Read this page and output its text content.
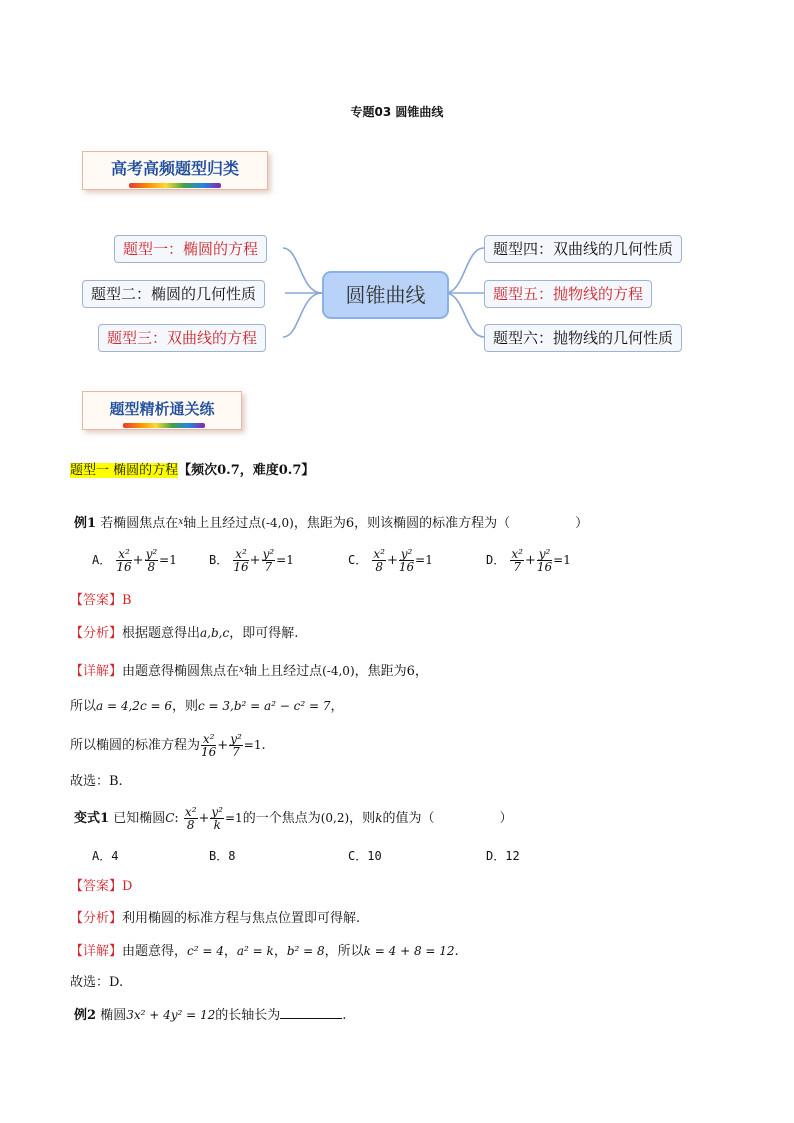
专题03 圆锥曲线
高考高频题型归类
圆锥曲线
题型一：椭圆的方程
题型二：椭圆的几何性质
题型三：双曲线的方程
题型四：双曲线的几何性质
题型五：抛物线的方程
题型六：抛物线的几何性质
题型精析通关练
题型一 椭圆的方程【频次0.7，难度0.7】
例1 若椭圆焦点在$^x$轴上且经过点(-4,0)，焦距为6，则该椭圆的标准方程为（　　　　　）
A． $\frac{\text{x²}}{16} + \frac{\text{y²}}{8} =1$	B． $\frac{\text{x²}}{16} + \frac{\text{y²}}{7} =1$	C． $\frac{\text{x²}}{8} + \frac{\text{y²}}{16} =1$	D． $\frac{\text{x²}}{7} + \frac{\text{y²}}{16} =1$
【答案】B
【分析】根据题意得出a,b,c，即可得解.
【详解】由题意得椭圆焦点在$^x$轴上且经过点(-4,0)，焦距为6，
所以a = 4,2c = 6，则c = 3,b² = a² − c² = 7，
所以椭圆的标准方程为 $\frac{\text{x²}}{16} + \frac{\text{y²}}{7} =1$.
故选：B.
变式1 已知椭圆C: $\frac{\text{x²}}{8} + \frac{\text{y²}}{k} =1$的一个焦点为(0,2)，则k的值为（　　　　　）
A．4	B．8	C．10	D．12
【答案】D
【分析】利用椭圆的标准方程与焦点位置即可得解.
【详解】由题意得，c² = 4，a² = k，b² = 8，所以k = 4 + 8 = 12.
故选：D.
例2 椭圆3x² + 4y² = 12的长轴长为	.
